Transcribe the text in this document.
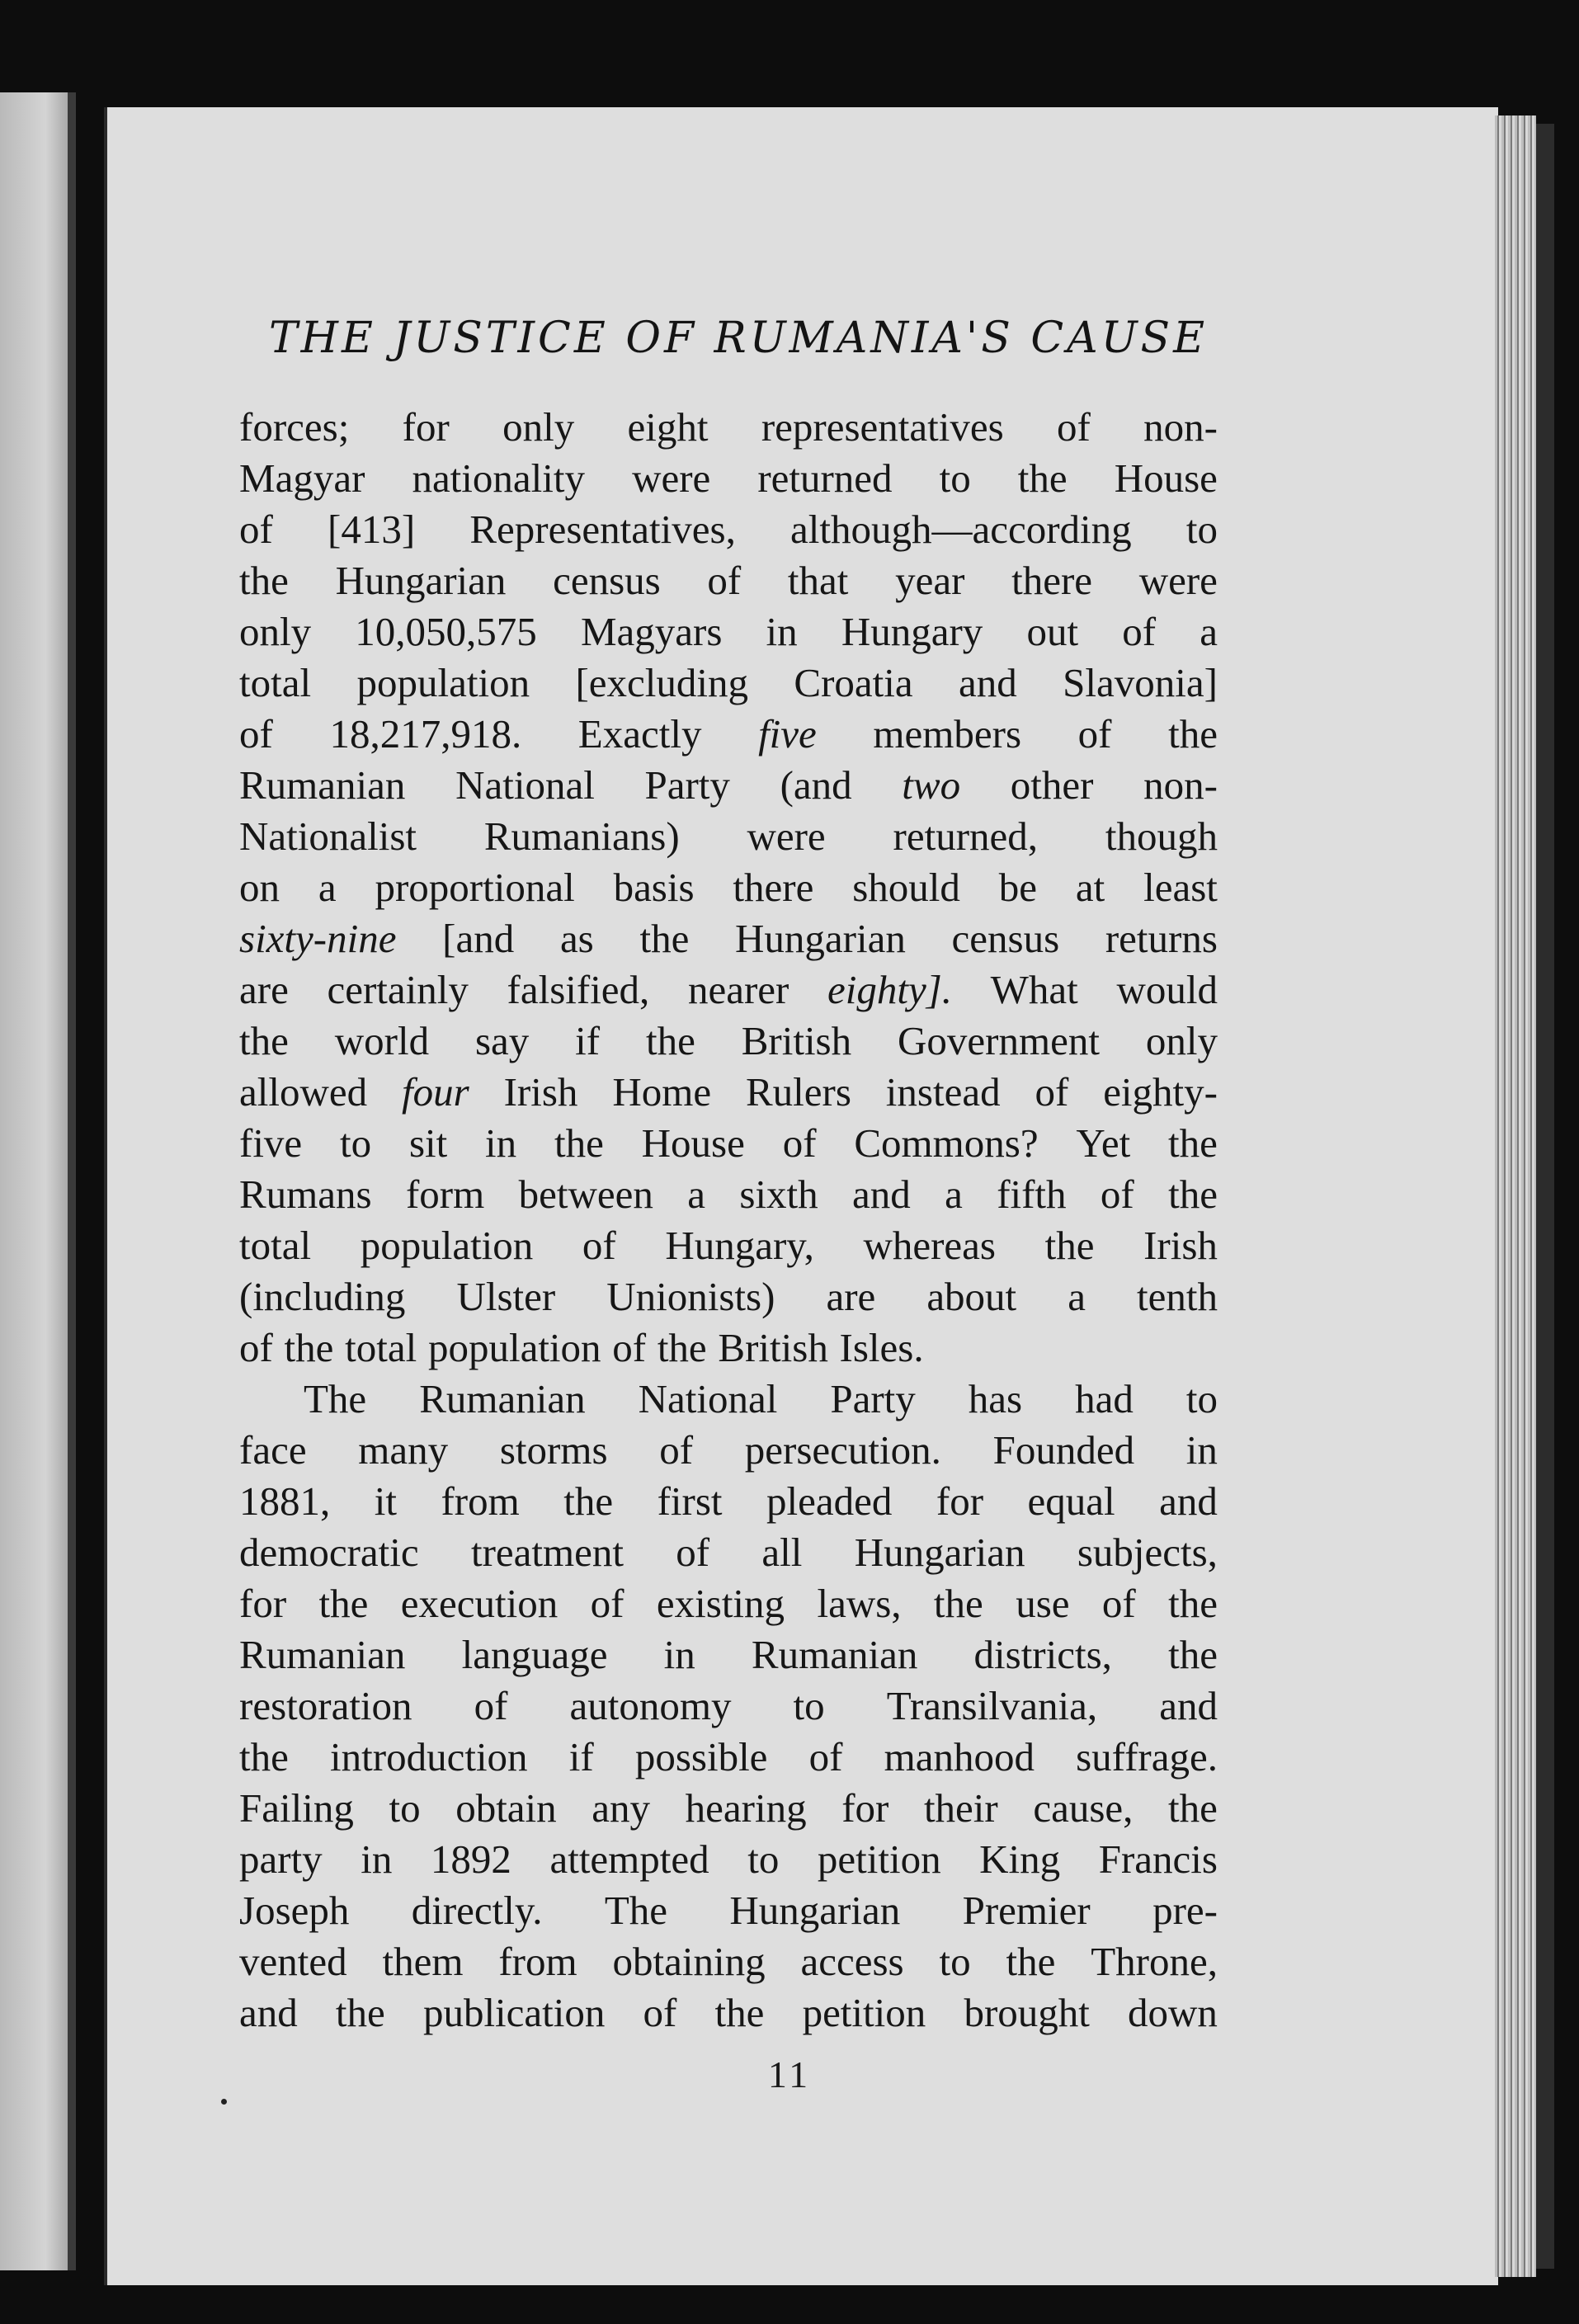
THE JUSTICE OF RUMANIA'S CAUSE
forces; for only eight representatives of non-
Magyar nationality were returned to the House
of [413] Representatives, although—according to
the Hungarian census of that year there were
only 10,050,575 Magyars in Hungary out of a
total population [excluding Croatia and Slavonia]
of 18,217,918. Exactly five members of the
Rumanian National Party (and two other non-
Nationalist Rumanians) were returned, though
on a proportional basis there should be at least
sixty-nine [and as the Hungarian census returns
are certainly falsified, nearer eighty]. What would
the world say if the British Government only
allowed four Irish Home Rulers instead of eighty-
five to sit in the House of Commons? Yet the
Rumans form between a sixth and a fifth of the
total population of Hungary, whereas the Irish
(including Ulster Unionists) are about a tenth
of the total population of the British Isles.
The Rumanian National Party has had to
face many storms of persecution. Founded in
1881, it from the first pleaded for equal and
democratic treatment of all Hungarian subjects,
for the execution of existing laws, the use of the
Rumanian language in Rumanian districts, the
restoration of autonomy to Transilvania, and
the introduction if possible of manhood suffrage.
Failing to obtain any hearing for their cause, the
party in 1892 attempted to petition King Francis
Joseph directly. The Hungarian Premier pre-
vented them from obtaining access to the Throne,
and the publication of the petition brought down
11
